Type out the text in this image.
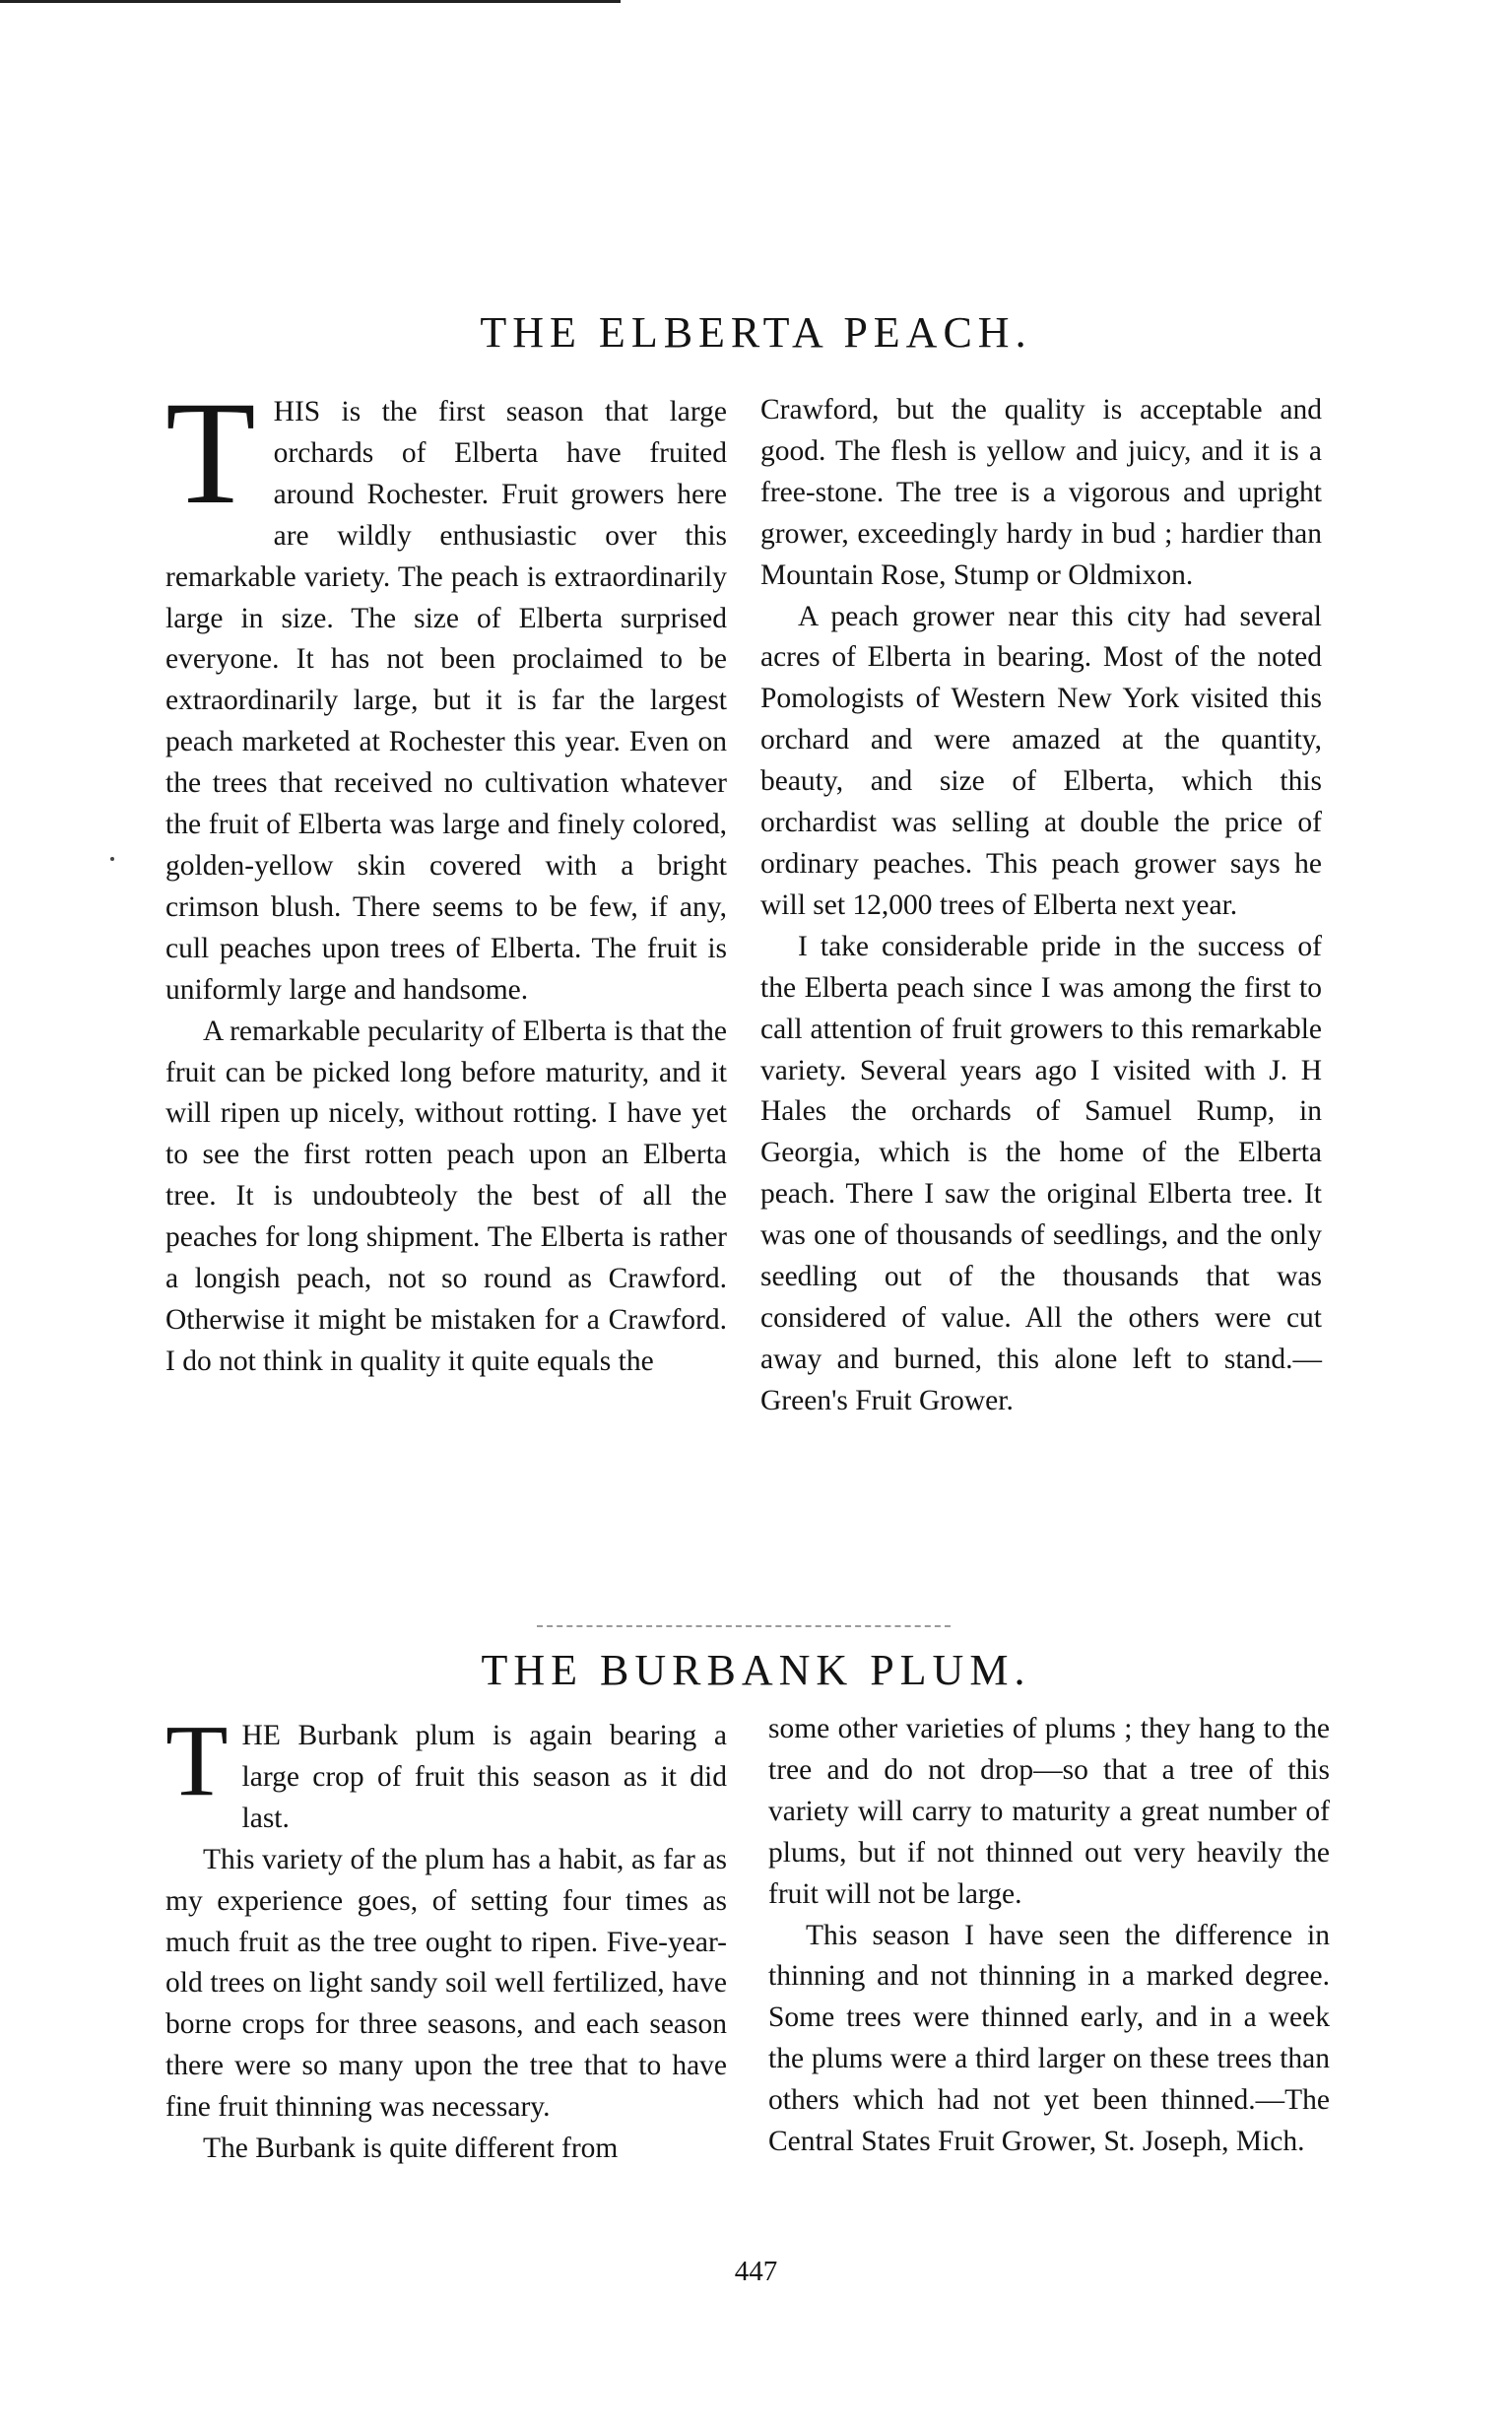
THE ELBERTA PEACH.

THIS is the first season that large orchards of Elberta have fruited around Rochester. Fruit growers here are wildly enthusiastic over this remarkable variety. The peach is extraordinarily large in size. The size of Elberta surprised everyone. It has not been proclaimed to be extraordinarily large, but it is far the largest peach marketed at Rochester this year. Even on the trees that received no cultivation whatever the fruit of Elberta was large and finely colored, golden-yellow skin covered with a bright crimson blush. There seems to be few, if any, cull peaches upon trees of Elberta. The fruit is uniformly large and handsome.

A remarkable pecularity of Elberta is that the fruit can be picked long before maturity, and it will ripen up nicely, without rotting. I have yet to see the first rotten peach upon an Elberta tree. It is undoubteoly the best of all the peaches for long shipment. The Elberta is rather a longish peach, not so round as Crawford. Otherwise it might be mistaken for a Crawford. I do not think in quality it quite equals the

Crawford, but the quality is acceptable and good. The flesh is yellow and juicy, and it is a free-stone. The tree is a vigorous and upright grower, exceedingly hardy in bud ; hardier than Mountain Rose, Stump or Oldmixon.

A peach grower near this city had several acres of Elberta in bearing. Most of the noted Pomologists of Western New York visited this orchard and were amazed at the quantity, beauty, and size of Elberta, which this orchardist was selling at double the price of ordinary peaches. This peach grower says he will set 12,000 trees of Elberta next year.

I take considerable pride in the success of the Elberta peach since I was among the first to call attention of fruit growers to this remarkable variety. Several years ago I visited with J. H Hales the orchards of Samuel Rump, in Georgia, which is the home of the Elberta peach. There I saw the original Elberta tree. It was one of thousands of seedlings, and the only seedling out of the thousands that was considered of value. All the others were cut away and burned, this alone left to stand.—Green's Fruit Grower.

THE BURBANK PLUM.

THE Burbank plum is again bearing a large crop of fruit this season as it did last.

This variety of the plum has a habit, as far as my experience goes, of setting four times as much fruit as the tree ought to ripen. Five-year-old trees on light sandy soil well fertilized, have borne crops for three seasons, and each season there were so many upon the tree that to have fine fruit thinning was necessary.

The Burbank is quite different from

some other varieties of plums ; they hang to the tree and do not drop—so that a tree of this variety will carry to maturity a great number of plums, but if not thinned out very heavily the fruit will not be large.

This season I have seen the difference in thinning and not thinning in a marked degree. Some trees were thinned early, and in a week the plums were a third larger on these trees than others which had not yet been thinned.—The Central States Fruit Grower, St. Joseph, Mich.

447
